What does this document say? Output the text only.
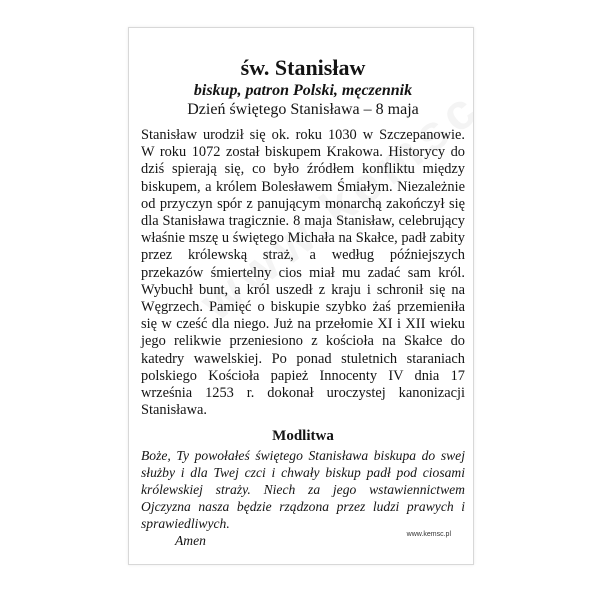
św. Stanisław

biskup, patron Polski, męczennik

Dzień świętego Stanisława – 8 maja

Stanisław urodził się ok. roku 1030 w Szczepanowie. W roku 1072 został biskupem Krakowa. Historycy do dziś spierają się, co było źródłem konfliktu między biskupem, a królem Bolesławem Śmiałym. Niezależnie od przyczyn spór z panującym monarchą zakończył się dla Stanisława tragicznie. 8 maja Stanisław, celebrujący właśnie mszę u świętego Michała na Skałce, padł zabity przez królewską straż, a według późniejszych przekazów śmiertelny cios miał mu zadać sam król. Wybuchł bunt, a król uszedł z kraju i schronił się na Węgrzech. Pamięć o biskupie szybko żaś przemieniła się w cześć dla niego. Już na przełomie XI i XII wieku jego relikwie przeniesiono z kościoła na Skałce do katedry wawelskiej. Po ponad stuletnich staraniach polskiego Kościoła papież Innocenty IV dnia 17 września 1253 r. dokonał uroczystej kanonizacji Stanisława.

Modlitwa

Boże, Ty powołałeś świętego Stanisława biskupa do swej służby i dla Twej czci i chwały biskup padł pod ciosami królewskiej straży. Niech za jego wstawiennictwem Ojczyzna nasza będzie rządzona przez ludzi prawych i sprawiedliwych.

Amen	www.kemsc.pl
